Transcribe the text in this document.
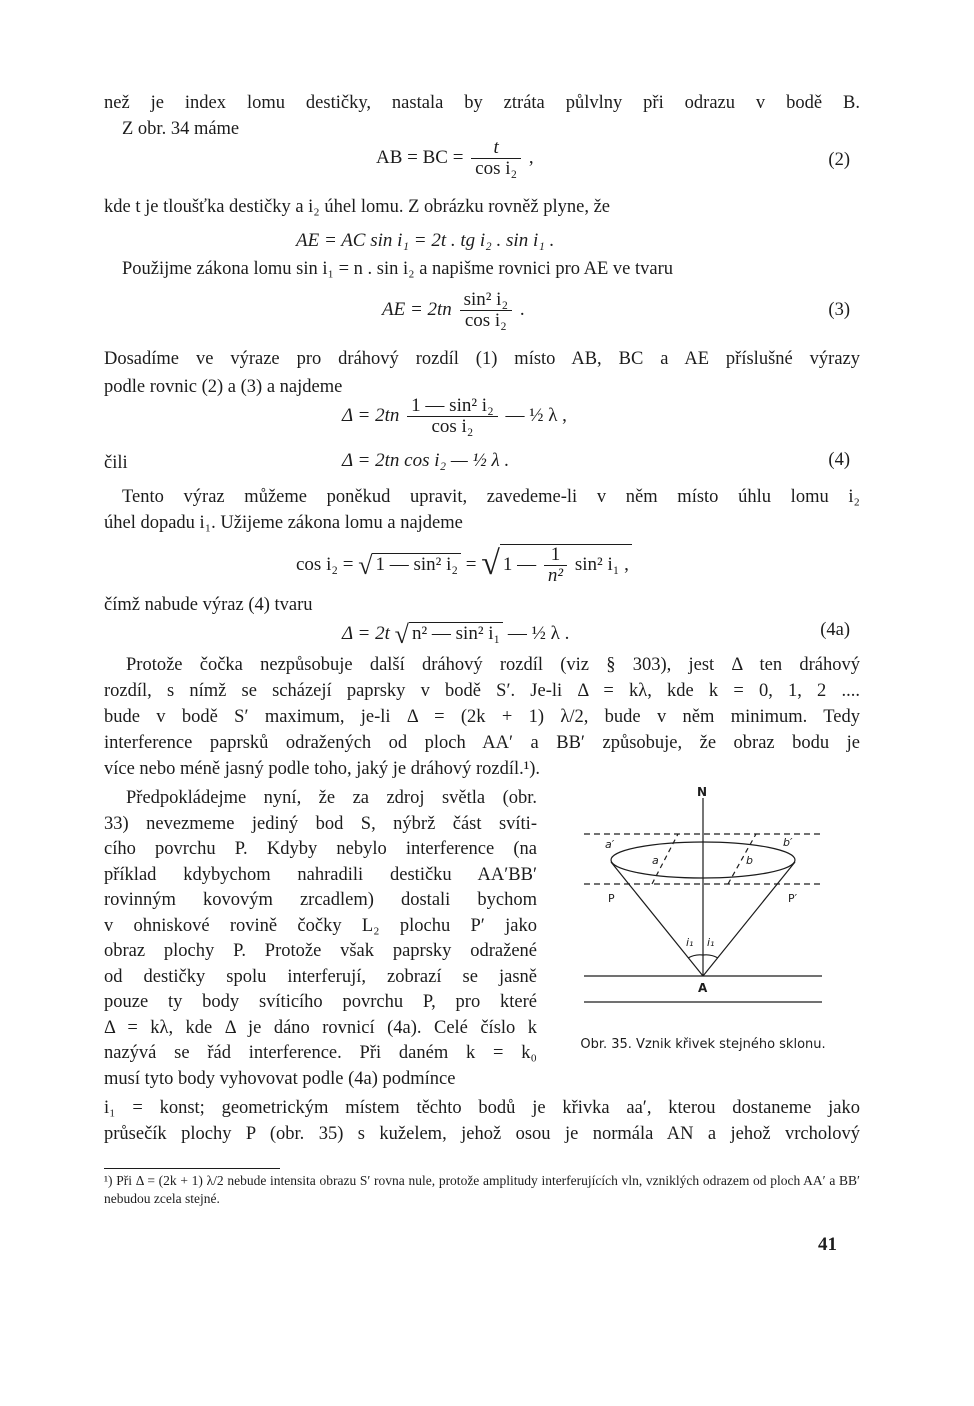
než je index lomu destičky, nastala by ztráta půlvlny při odrazu v bodě B.
Z obr. 34 máme
AB = BC = $\frac{t}{\text{cos i₂}}$ ,	(2)
kde t je tloušťka destičky a i₂ úhel lomu. Z obrázku rovněž plyne, že
AE = AC sin i₁ = 2t . tg i₂ . sin i₁ .
Použijme zákona lomu sin i₁ = n . sin i₂ a napišme rovnici pro AE ve tvaru
AE = $2tn \frac{\text{sin² i₂}}{\text{cos i₂}}$ .	(3)
Dosadíme ve výraze pro dráhový rozdíl (1) místo AB, BC a AE příslušné výrazy
podle rovnic (2) a (3) a najdeme
$\Delta = 2tn \frac{\text{1 — sin² i₂}}{\text{cos i₂}}$ — ½ λ ,
čili	Δ = 2tn cos i₂ — ½ λ .	(4)
Tento výraz můžeme poněkud upravit, zavedeme-li v něm místo úhlu lomu i₂
úhel dopadu i₁. Užijeme zákona lomu a najdeme
cos i₂ = √ 1 — sin² i₂ = √ 1 — $\frac{1}{\text{n²}} \sin^2$ i₁ ,
čímž nabude výraz (4) tvaru
Δ = 2t √ n² — sin² i₁ — ½ λ .	(4a)
Protože čočka nezpůsobuje další dráhový rozdíl (viz § 303), jest Δ ten dráhový
rozdíl, s nímž se scházejí paprsky v bodě S′. Je-li Δ = kλ, kde k = 0, 1, 2 ....
bude v bodě S′ maximum, je-li Δ = (2k + 1) λ/2, bude v něm minimum. Tedy
interference paprsků odražených od ploch AA′ a BB′ způsobuje, že obraz bodu je
více nebo méně jasný podle toho, jaký je dráhový rozdíl.¹).
Předpokládejme nyní, že za zdroj světla (obr.
33) nevezmeme jediný bod S, nýbrž část svíti-
cího povrchu P. Kdyby nebylo interference (na
příklad kdybychom nahradili destičku AA′BB′
rovinným kovovým zrcadlem) dostali bychom
v ohniskové rovině čočky L₂ plochu P′ jako
obraz plochy P. Protože však paprsky odražené
od destičky spolu interferují, zobrazí se jasně
pouze ty body svíticího povrchu P, pro které
Δ = kλ, kde Δ je dáno rovnicí (4a). Celé číslo k
nazývá se řád interference. Při daném k = k₀
musí tyto body vyhovovat podle (4a) podmínce
i₁ = konst; geometrickým místem těchto bodů je křivka aa′, kterou dostaneme jako
průsečík plochy P (obr. 35) s kuželem, jehož osou je normála AN a jehož vrcholový
N
A
P	P′
a
a′
b
b′
i₁ i₁
Obr. 35. Vznik křivek stejného sklonu.
¹) Při Δ = (2k + 1) λ/2 nebude intensita obrazu S′ rovna nule, protože amplitudy interferujících vln, vzniklých odrazem od ploch AA′ a BB′ nebudou zcela stejné.
41
